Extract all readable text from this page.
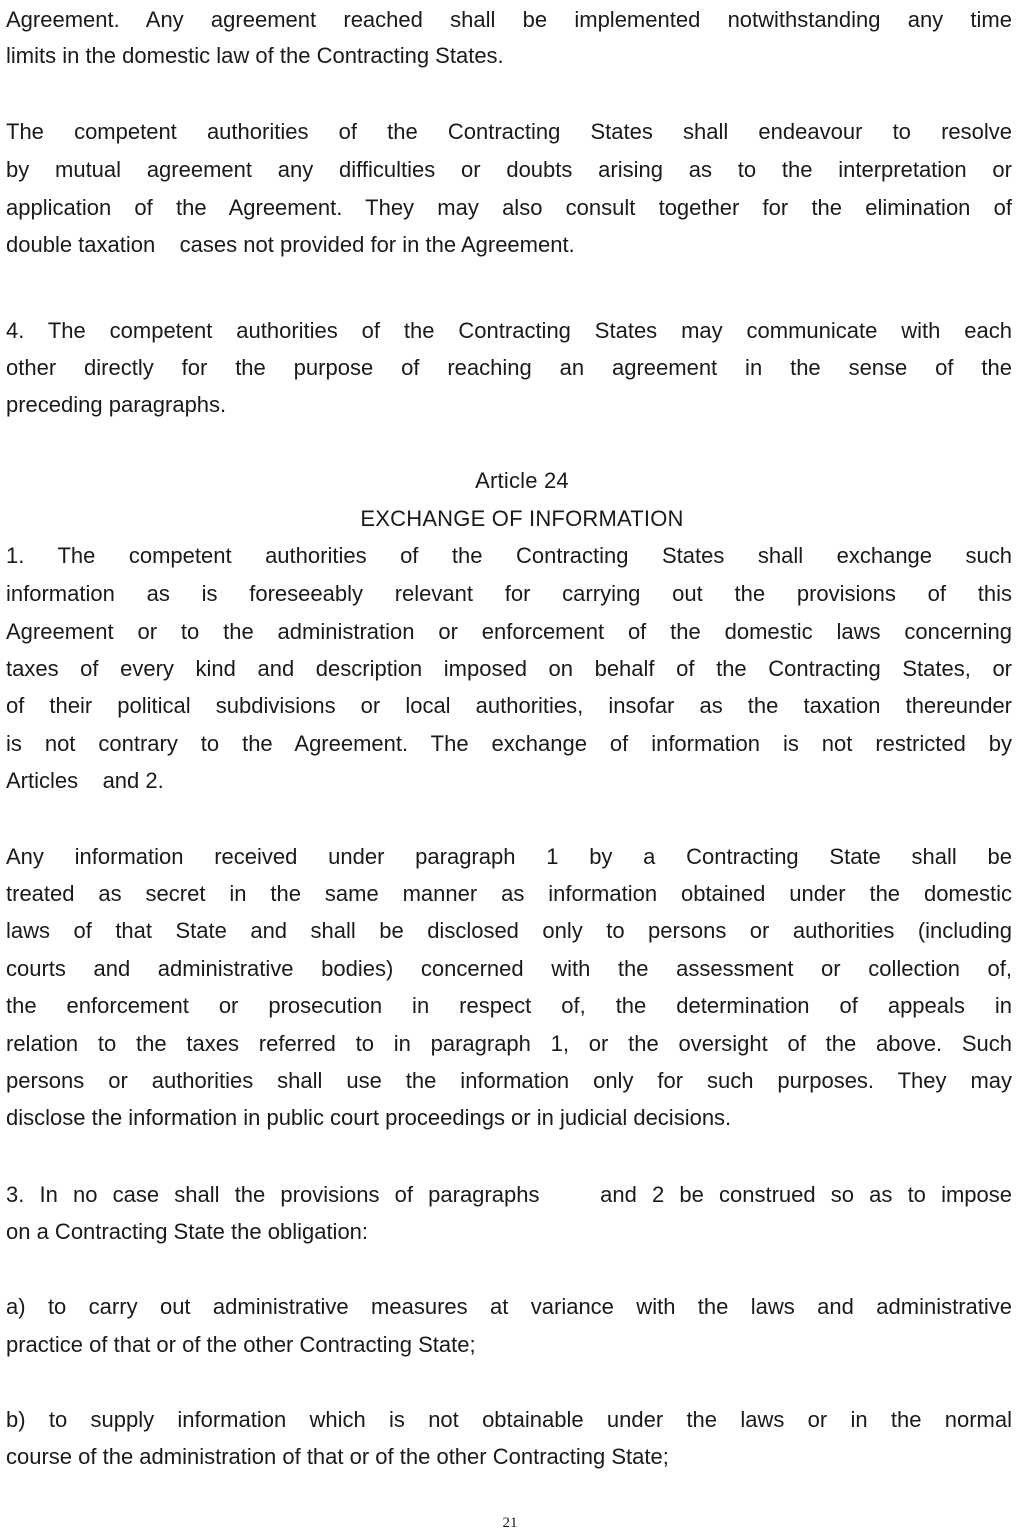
Agreement. Any agreement reached shall be implemented notwithstanding any time
limits in the domestic law of the Contracting States.
The competent authorities of the Contracting States shall endeavour to resolve
by mutual agreement any difficulties or doubts arising as to the interpretation or
application of the Agreement. They may also consult together for the elimination of
double taxation    cases not provided for in the Agreement.
4. The competent authorities of the Contracting States may communicate with each
other directly for the purpose of reaching an agreement in the sense of the
preceding paragraphs.
Article 24
EXCHANGE OF INFORMATION
1. The competent authorities of the Contracting States shall exchange such
information as is foreseeably relevant for carrying out the provisions of this
Agreement or to the administration or enforcement of the domestic laws concerning
taxes of every kind and description imposed on behalf of the Contracting States, or
of their political subdivisions or local authorities, insofar as the taxation thereunder
is not contrary to the Agreement. The exchange of information is not restricted by
Articles    and 2.
Any information received under paragraph 1 by a Contracting State shall be
treated as secret in the same manner as information obtained under the domestic
laws of that State and shall be disclosed only to persons or authorities (including
courts and administrative bodies) concerned with the assessment or collection of,
the enforcement or prosecution in respect of, the determination of appeals in
relation to the taxes referred to in paragraph 1, or the oversight of the above. Such
persons or authorities shall use the information only for such purposes. They may
disclose the information in public court proceedings or in judicial decisions.
3. In no case shall the provisions of paragraphs    and 2 be construed so as to impose
on a Contracting State the obligation:
a) to carry out administrative measures at variance with the laws and administrative
practice of that or of the other Contracting State;
b) to supply information which is not obtainable under the laws or in the normal
course of the administration of that or of the other Contracting State;
21
